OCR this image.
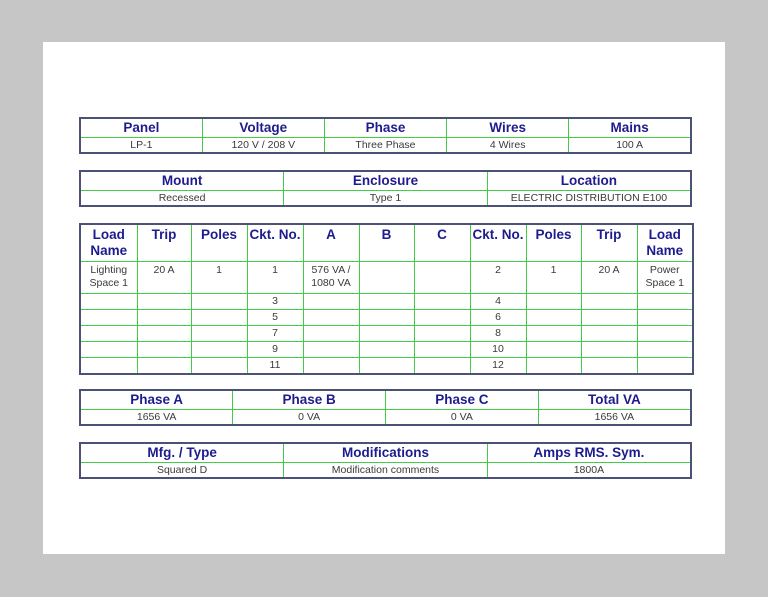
Panel	Voltage	Phase	Wires	Mains
LP-1	120 V / 208 V	Three Phase	4 Wires	100 A
Mount	Enclosure	Location
Recessed	Type 1	ELECTRIC DISTRIBUTION E100
Load Name	Trip	Poles	Ckt. No.	A	B	C	Ckt. No.	Poles	Trip	Load Name
Lighting Space 1	20 A	1	1	576 VA / 1080 VA			2	1	20 A	Power Space 1
			3				4			
			5				6			
			7				8			
			9				10			
			11				12			
Phase A	Phase B	Phase C	Total VA
1656 VA	0 VA	0 VA	1656 VA
Mfg. / Type	Modifications	Amps RMS. Sym.
Squared D	Modification comments	1800A
